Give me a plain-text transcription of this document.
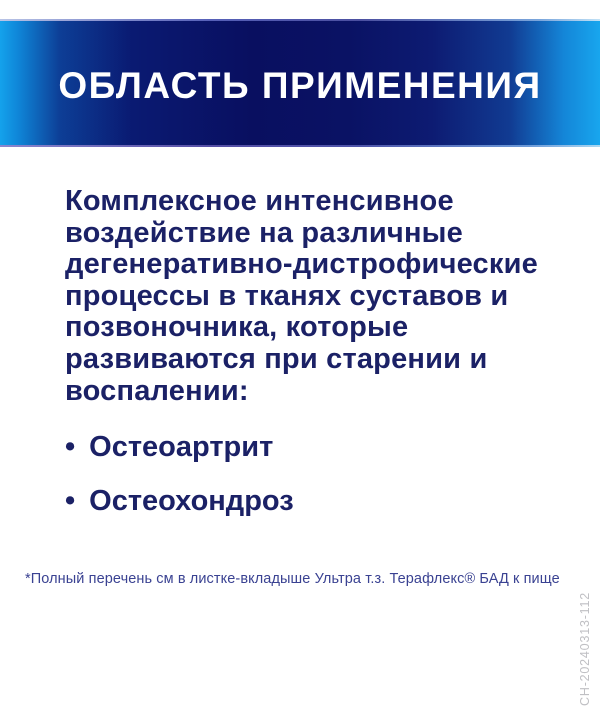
ОБЛАСТЬ ПРИМЕНЕНИЯ
Комплексное интенсивное
воздействие на различные
дегенеративно-дистрофические
процессы в тканях суставов и
позвоночника, которые
развиваются при старении и
воспалении:
• Остеоартрит
• Остеохондроз
*Полный перечень см в листке-вкладыше Ультра т.з. Терафлекс® БАД к пище
CH-20240313-112
